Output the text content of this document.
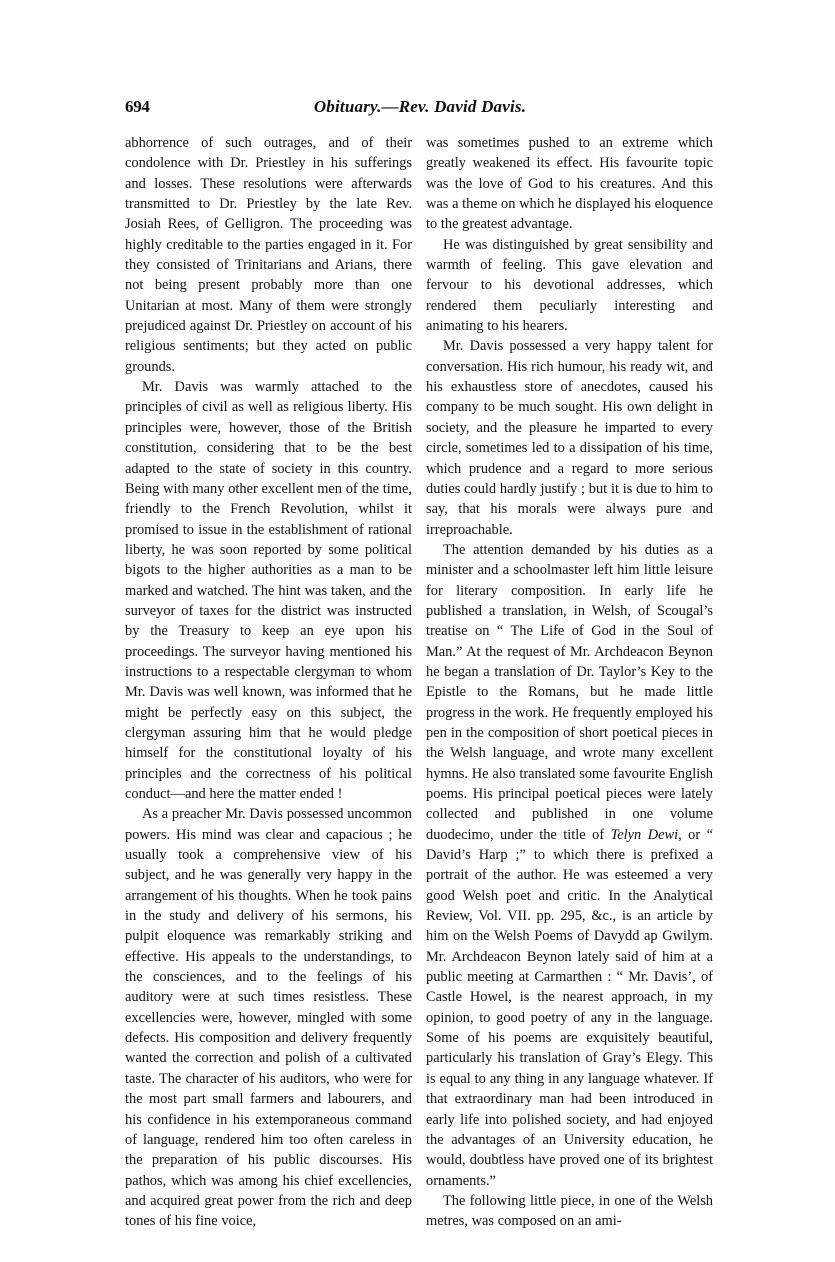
694	Obituary.—Rev. David Davis.

abhorrence of such outrages, and of their condolence with Dr. Priestley in his sufferings and losses. These resolutions were afterwards transmitted to Dr. Priestley by the late Rev. Josiah Rees, of Gelligron. The proceeding was highly creditable to the parties engaged in it. For they consisted of Trinitarians and Arians, there not being present probably more than one Unitarian at most. Many of them were strongly prejudiced against Dr. Priestley on account of his religious sentiments; but they acted on public grounds.

Mr. Davis was warmly attached to the principles of civil as well as religious liberty. His principles were, however, those of the British constitution, considering that to be the best adapted to the state of society in this country. Being with many other excellent men of the time, friendly to the French Revolution, whilst it promised to issue in the establishment of rational liberty, he was soon reported by some political bigots to the higher authorities as a man to be marked and watched. The hint was taken, and the surveyor of taxes for the district was instructed by the Treasury to keep an eye upon his proceedings. The surveyor having mentioned his instructions to a respectable clergyman to whom Mr. Davis was well known, was informed that he might be perfectly easy on this subject, the clergyman assuring him that he would pledge himself for the constitutional loyalty of his principles and the correctness of his political conduct—and here the matter ended !

As a preacher Mr. Davis possessed uncommon powers. His mind was clear and capacious ; he usually took a comprehensive view of his subject, and he was generally very happy in the arrangement of his thoughts. When he took pains in the study and delivery of his sermons, his pulpit eloquence was remarkably striking and effective. His appeals to the understandings, to the consciences, and to the feelings of his auditory were at such times resistless. These excellencies were, however, mingled with some defects. His composition and delivery frequently wanted the correction and polish of a cultivated taste. The character of his auditors, who were for the most part small farmers and labourers, and his confidence in his extemporaneous command of language, rendered him too often careless in the preparation of his public discourses. His pathos, which was among his chief excellencies, and acquired great power from the rich and deep tones of his fine voice,

was sometimes pushed to an extreme which greatly weakened its effect. His favourite topic was the love of God to his creatures. And this was a theme on which he displayed his eloquence to the greatest advantage.

He was distinguished by great sensibility and warmth of feeling. This gave elevation and fervour to his devotional addresses, which rendered them peculiarly interesting and animating to his hearers.

Mr. Davis possessed a very happy talent for conversation. His rich humour, his ready wit, and his exhaustless store of anecdotes, caused his company to be much sought. His own delight in society, and the pleasure he imparted to every circle, sometimes led to a dissipation of his time, which prudence and a regard to more serious duties could hardly justify ; but it is due to him to say, that his morals were always pure and irreproachable.

The attention demanded by his duties as a minister and a schoolmaster left him little leisure for literary composition. In early life he published a translation, in Welsh, of Scougal’s treatise on “ The Life of God in the Soul of Man.” At the request of Mr. Archdeacon Beynon he began a translation of Dr. Taylor’s Key to the Epistle to the Romans, but he made little progress in the work. He frequently employed his pen in the composition of short poetical pieces in the Welsh language, and wrote many excellent hymns. He also translated some favourite English poems. His principal poetical pieces were lately collected and published in one volume duodecimo, under the title of Telyn Dewi, or “ David’s Harp ;” to which there is prefixed a portrait of the author. He was esteemed a very good Welsh poet and critic. In the Analytical Review, Vol. VII. pp. 295, &c., is an article by him on the Welsh Poems of Davydd ap Gwilym. Mr. Archdeacon Beynon lately said of him at a public meeting at Carmarthen : “ Mr. Davis’, of Castle Howel, is the nearest approach, in my opinion, to good poetry of any in the language. Some of his poems are exquisitely beautiful, particularly his translation of Gray’s Elegy. This is equal to any thing in any language whatever. If that extraordinary man had been introduced in early life into polished society, and had enjoyed the advantages of an University education, he would, doubtless have proved one of its brightest ornaments.”

The following little piece, in one of the Welsh metres, was composed on an ami-
